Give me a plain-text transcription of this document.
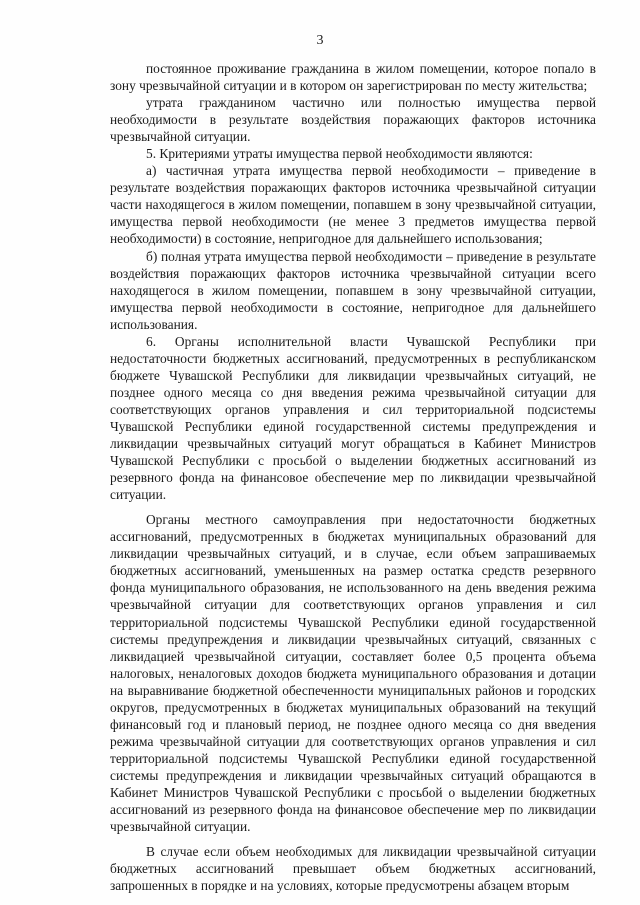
3

постоянное проживание гражданина в жилом помещении, которое попало в зону чрезвычайной ситуации и в котором он зарегистрирован по месту жительства;

утрата гражданином частично или полностью имущества первой необходимости в результате воздействия поражающих факторов источника чрезвычайной ситуации.

5. Критериями утраты имущества первой необходимости являются:

а) частичная утрата имущества первой необходимости – приведение в результате воздействия поражающих факторов источника чрезвычайной ситуации части находящегося в жилом помещении, попавшем в зону чрезвычайной ситуации, имущества первой необходимости (не менее 3 предметов имущества первой необходимости) в состояние, непригодное для дальнейшего использования;

б) полная утрата имущества первой необходимости – приведение в результате воздействия поражающих факторов источника чрезвычайной ситуации всего находящегося в жилом помещении, попавшем в зону чрезвычайной ситуации, имущества первой необходимости в состояние, непригодное для дальнейшего использования.

6. Органы исполнительной власти Чувашской Республики при недостаточности бюджетных ассигнований, предусмотренных в республиканском бюджете Чувашской Республики для ликвидации чрезвычайных ситуаций, не позднее одного месяца со дня введения режима чрезвычайной ситуации для соответствующих органов управления и сил территориальной подсистемы Чувашской Республики единой государственной системы предупреждения и ликвидации чрезвычайных ситуаций могут обращаться в Кабинет Министров Чувашской Республики с просьбой о выделении бюджетных ассигнований из резервного фонда на финансовое обеспечение мер по ликвидации чрезвычайной ситуации.

Органы местного самоуправления при недостаточности бюджетных ассигнований, предусмотренных в бюджетах муниципальных образований для ликвидации чрезвычайных ситуаций, и в случае, если объем запрашиваемых бюджетных ассигнований, уменьшенных на размер остатка средств резервного фонда муниципального образования, не использованного на день введения режима чрезвычайной ситуации для соответствующих органов управления и сил территориальной подсистемы Чувашской Республики единой государственной системы предупреждения и ликвидации чрезвычайных ситуаций, связанных с ликвидацией чрезвычайной ситуации, составляет более 0,5 процента объема налоговых, неналоговых доходов бюджета муниципального образования и дотации на выравнивание бюджетной обеспеченности муниципальных районов и городских округов, предусмотренных в бюджетах муниципальных образований на текущий финансовый год и плановый период, не позднее одного месяца со дня введения режима чрезвычайной ситуации для соответствующих органов управления и сил территориальной подсистемы Чувашской Республики единой государственной системы предупреждения и ликвидации чрезвычайных ситуаций обращаются в Кабинет Министров Чувашской Республики с просьбой о выделении бюджетных ассигнований из резервного фонда на финансовое обеспечение мер по ликвидации чрезвычайной ситуации.

В случае если объем необходимых для ликвидации чрезвычайной ситуации бюджетных ассигнований превышает объем бюджетных ассигнований, запрошенных в порядке и на условиях, которые предусмотрены абзацем вторым
